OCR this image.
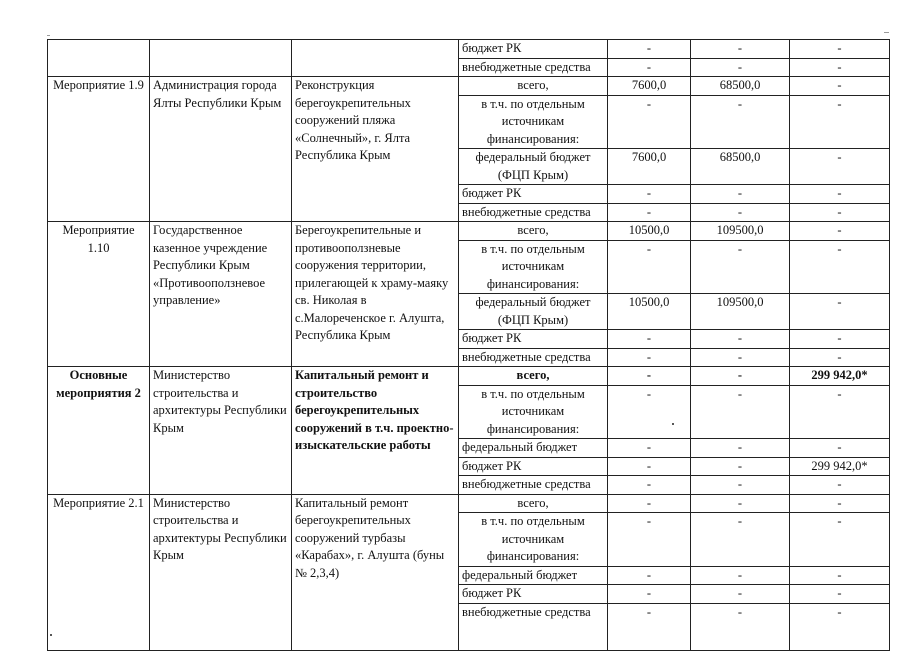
			бюджет РК	-	-	-
			внебюджетные средства	-	-	-
Мероприятие 1.9	Администрация города Ялты Республики Крым	Реконструкция берегоукрепительных сооружений пляжа «Солнечный», г. Ялта Республика Крым	всего,	7600,0	68500,0	-
			в т.ч. по отдельным источникам финансирования:	-	-	-
			федеральный бюджет (ФЦП Крым)	7600,0	68500,0	-
			бюджет РК	-	-	-
			внебюджетные средства	-	-	-
Мероприятие 1.10	Государственное казенное учреждение Республики Крым «Противооползневое управление»	Берегоукрепительные и противооползневые сооружения территории, прилегающей к храму-маяку св. Николая в с.Малореченское г. Алушта, Республика Крым	всего,	10500,0	109500,0	-
			в т.ч. по отдельным источникам финансирования:	-	-	-
			федеральный бюджет (ФЦП Крым)	10500,0	109500,0	-
			бюджет РК	-	-	-
			внебюджетные средства	-	-	-
Основные мероприятия 2	Министерство строительства и архитектуры Республики Крым	Капитальный ремонт и строительство берегоукрепительных сооружений в т.ч. проектно-изыскательские работы	всего,	-	-	299 942,0*
			в т.ч. по отдельным источникам финансирования:	-	-	-
			федеральный бюджет	-	-	-
			бюджет РК	-	-	299 942,0*
			внебюджетные средства	-	-	-
Мероприятие 2.1	Министерство строительства и архитектуры Республики Крым	Капитальный ремонт берегоукрепительных сооружений турбазы «Карабах», г. Алушта (буны № 2,3,4)	всего,	-	-	-
			в т.ч. по отдельным источникам финансирования:	-	-	-
			федеральный бюджет	-	-	-
			бюджет РК	-	-	-
			внебюджетные средства	-	-	-
